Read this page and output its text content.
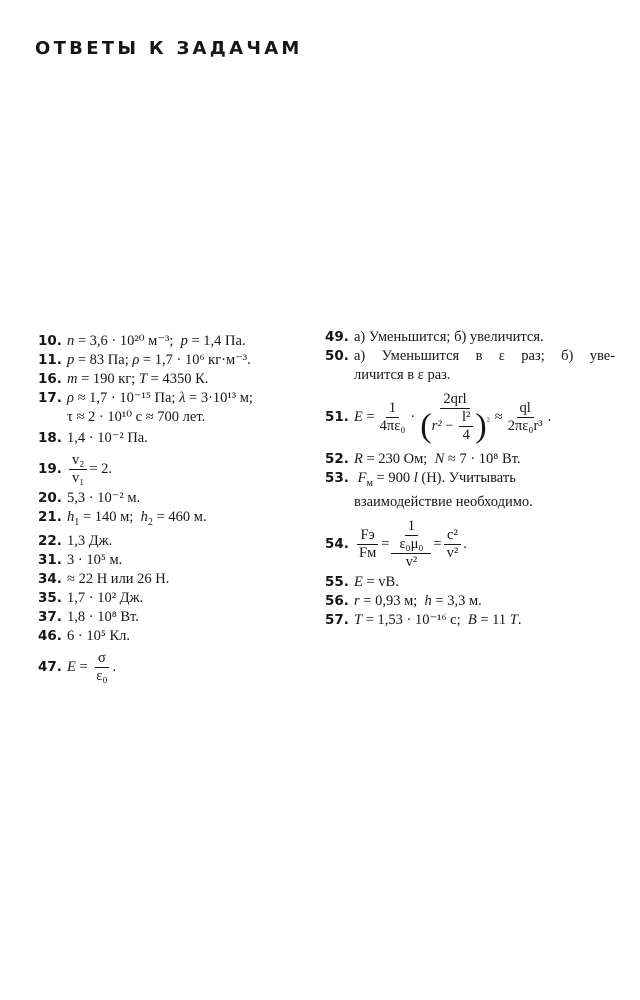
ОТВЕТЫ К ЗАДАЧАМ
10. n = 3,6 · 10²⁰ м⁻³; p = 1,4 Па.
11. p = 83 Па; ρ = 1,7 · 10⁶ кг·м⁻³.
16. m = 190 кг; T = 4350 К.
17. ρ ≈ 1,7 · 10⁻¹⁵ Па; λ = 3·10¹³ м;
τ ≈ 2 · 10¹⁰ с ≈ 700 лет.
18. 1,4 · 10⁻² Па.
19. $\frac{\text{v₂}}{\text{v₁}} = 2$.
20. 5,3 · 10⁻² м.
21. $h_1 = 140$ м; $h_2 = 460$ м.
22. 1,3 Дж.
31. 3 · 10⁵ м.
34. ≈ 22 Н или 26 Н.
35. 1,7 · 10² Дж.
37. 1,8 · 10⁸ Вт.
46. 6 · 10⁵ Кл.
47. $E = \frac{\sigma}{\text{ε₀}}$ .
49. а) Уменьшится; б) увеличится.
50. а) Уменьшится в ε раз; б) уве-
личится в ε раз.
51. $E = \frac{1}{\text{4πε₀}} \cdot \frac{\text{2qrl}}{(r^2 - \frac{\text{l²}}{4} )^{^2}} \approx \frac{ql}{\text{2πε₀r³}}$ .
52. R = 230 Ом; N ≈ 7 · 10⁸ Вт.
53. $F_м = 900$ l (Н). Учитывать
взаимодействие необходимо.
54. $\frac{Fэ}{Fм} = \frac{\frac{1}{\text{ε₀μ₀}}}{\text{v²}} = \frac{\text{c²}}{\text{v²}}$ .
55. E = vB.
56. r = 0,93 м; h = 3,3 м.
57. T = 1,53 · 10⁻¹⁶ с; B = 11 T.
